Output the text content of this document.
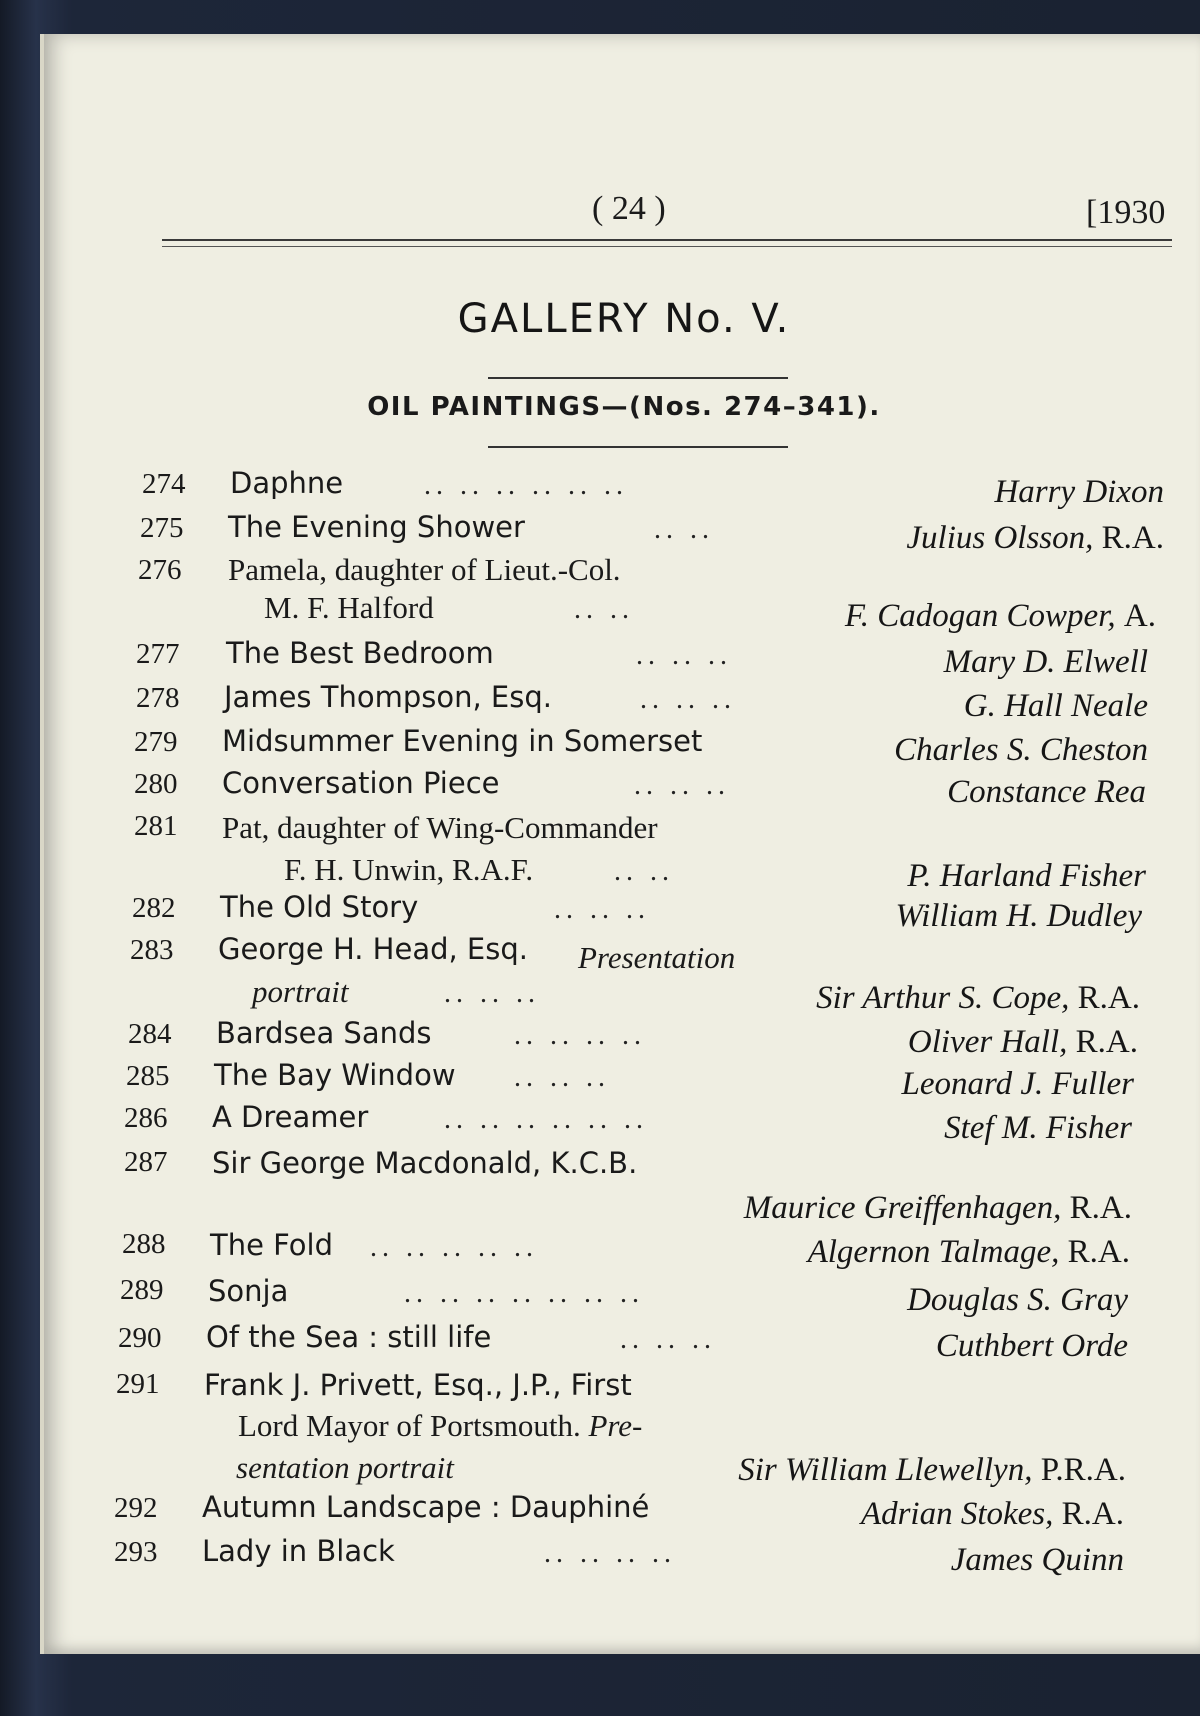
( 24 )	[1930
GALLERY No. V.
OIL PAINTINGS—(Nos. 274–341).
274 Daphne	.. .. .. .. .. ..	Harry Dixon
275 The Evening Shower	.. ..	Julius Olsson, R.A.
276 Pamela, daughter of Lieut.-Col.
M. F. Halford	.. ..	F. Cadogan Cowper, A.
277 The Best Bedroom	.. .. ..	Mary D. Elwell
278 James Thompson, Esq.	.. .. ..	G. Hall Neale
279 Midsummer Evening in Somerset	Charles S. Cheston
280 Conversation Piece	.. .. ..	Constance Rea
281 Pat, daughter of Wing-Commander
F. H. Unwin, R.A.F.	.. ..	P. Harland Fisher
282 The Old Story	.. .. ..	William H. Dudley
283 George H. Head, Esq. Presentation
portrait	.. .. ..	Sir Arthur S. Cope, R.A.
284 Bardsea Sands	.. .. .. ..	Oliver Hall, R.A.
285 The Bay Window .. .. ..	Leonard J. Fuller
286 A Dreamer	.. .. .. .. .. ..	Stef M. Fisher
287 Sir George Macdonald, K.C.B.
Maurice Greiffenhagen, R.A.
288 The Fold .. .. .. .. ..	Algernon Talmage, R.A.
289 Sonja	.. .. .. .. .. .. ..	Douglas S. Gray
290 Of the Sea : still life	.. .. ..	Cuthbert Orde
291 Frank J. Privett, Esq., J.P., First
Lord Mayor of Portsmouth. Pre-
sentation portrait	Sir William Llewellyn, P.R.A.
292 Autumn Landscape : Dauphiné	Adrian Stokes, R.A.
293 Lady in Black	.. .. .. ..	James Quinn
